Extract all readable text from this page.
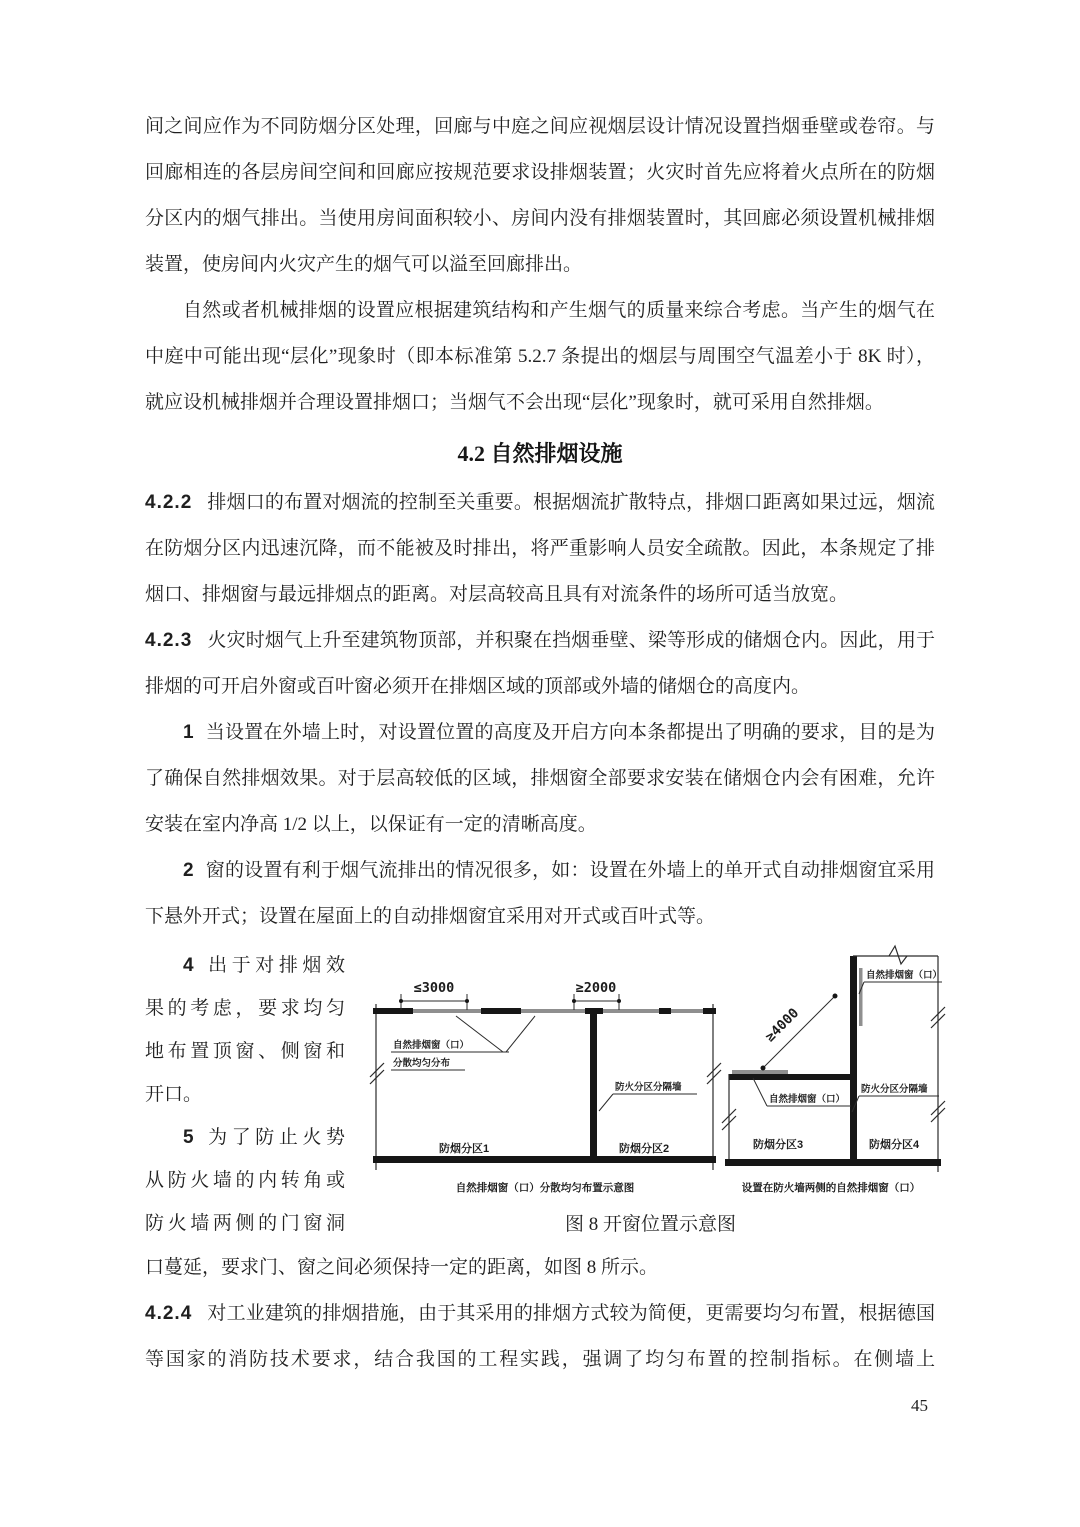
间之间应作为不同防烟分区处理，回廊与中庭之间应视烟层设计情况设置挡烟垂壁或卷帘。与回廊相连的各层房间空间和回廊应按规范要求设排烟装置；火灾时首先应将着火点所在的防烟分区内的烟气排出。当使用房间面积较小、房间内没有排烟装置时，其回廊必须设置机械排烟装置，使房间内火灾产生的烟气可以溢至回廊排出。

自然或者机械排烟的设置应根据建筑结构和产生烟气的质量来综合考虑。当产生的烟气在中庭中可能出现“层化”现象时（即本标准第 5.2.7 条提出的烟层与周围空气温差小于 8K 时），就应设机械排烟并合理设置排烟口；当烟气不会出现“层化”现象时，就可采用自然排烟。

4.2 自然排烟设施

4.2.2 排烟口的布置对烟流的控制至关重要。根据烟流扩散特点，排烟口距离如果过远，烟流在防烟分区内迅速沉降，而不能被及时排出，将严重影响人员安全疏散。因此，本条规定了排烟口、排烟窗与最远排烟点的距离。对层高较高且具有对流条件的场所可适当放宽。

4.2.3 火灾时烟气上升至建筑物顶部，并积聚在挡烟垂壁、梁等形成的储烟仓内。因此，用于排烟的可开启外窗或百叶窗必须开在排烟区域的顶部或外墙的储烟仓的高度内。

1 当设置在外墙上时，对设置位置的高度及开启方向本条都提出了明确的要求，目的是为了确保自然排烟效果。对于层高较低的区域，排烟窗全部要求安装在储烟仓内会有困难，允许安装在室内净高 1/2 以上，以保证有一定的清晰高度。

2 窗的设置有利于烟气流排出的情况很多，如：设置在外墙上的单开式自动排烟窗宜采用下悬外开式；设置在屋面上的自动排烟窗宜采用对开式或百叶式等。

4 出于对排烟效
果的考虑，要求均匀
地布置顶窗、侧窗和
开口。
5 为了防止火势
从防火墙的内转角或
防火墙两侧的门窗洞
≤3000	≥2000
自然排烟窗（口）
分散均匀分布
防火分区分隔墙
防烟分区1	防烟分区2
自然排烟窗（口）分散均匀布置示意图
≥4000
自然排烟窗（口）
自然排烟窗（口）
防火分区分隔墙
防烟分区3	防烟分区4
设置在防火墙两侧的自然排烟窗（口）
图 8 开窗位置示意图

口蔓延，要求门、窗之间必须保持一定的距离，如图 8 所示。

4.2.4 对工业建筑的排烟措施，由于其采用的排烟方式较为简便，更需要均匀布置，根据德国等国家的消防技术要求，结合我国的工程实践，强调了均匀布置的控制指标。在侧墙上

45
